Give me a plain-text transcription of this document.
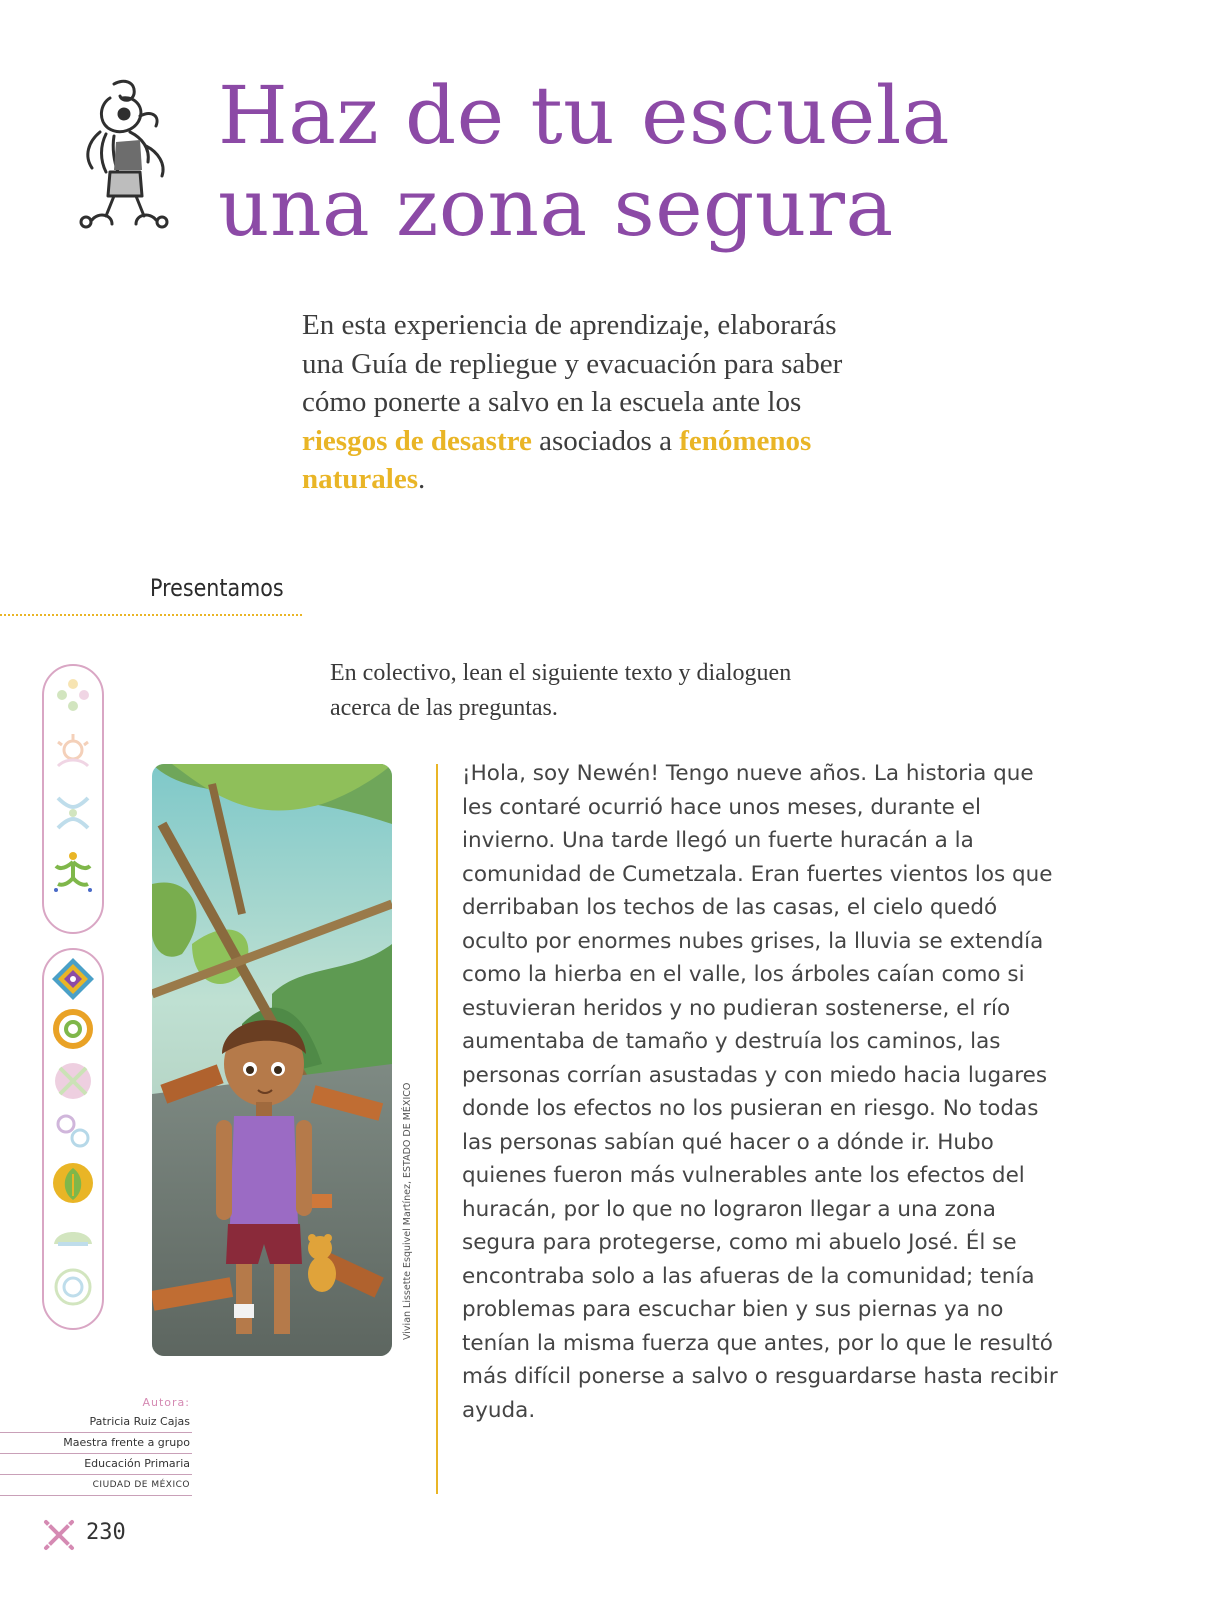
Haz de tu escuela
una zona segura

En esta experiencia de aprendizaje, elaborarás una Guía de repliegue y evacuación para saber cómo ponerte a salvo en la escuela ante los riesgos de desastre asociados a fenómenos naturales.

Presentamos
En colectivo, lean el siguiente texto y dialoguen acerca de las preguntas.
Vivian Lissette Esquivel Martínez, ESTADO DE MÉXICO

¡Hola, soy Newén! Tengo nueve años. La historia que les contaré ocurrió hace unos meses, durante el invierno. Una tarde llegó un fuerte huracán a la comunidad de Cumetzala. Eran fuertes vientos los que derribaban los techos de las casas, el cielo quedó oculto por enormes nubes grises, la lluvia se extendía como la hierba en el valle, los árboles caían como si estuvieran heridos y no pudieran sostenerse, el río aumentaba de tamaño y destruía los caminos, las personas corrían asustadas y con miedo hacia lugares donde los efectos no los pusieran en riesgo. No todas las personas sabían qué hacer o a dónde ir. Hubo quienes fueron más vulnerables ante los efectos del huracán, por lo que no lograron llegar a una zona segura para protegerse, como mi abuelo José. Él se encontraba solo a las afueras de la comunidad; tenía problemas para escuchar bien y sus piernas ya no tenían la misma fuerza que antes, por lo que le resultó más difícil ponerse a salvo o resguardarse hasta recibir ayuda.

Autora:
Patricia Ruiz Cajas
Maestra frente a grupo
Educación Primaria
CIUDAD DE MÉXICO
230
